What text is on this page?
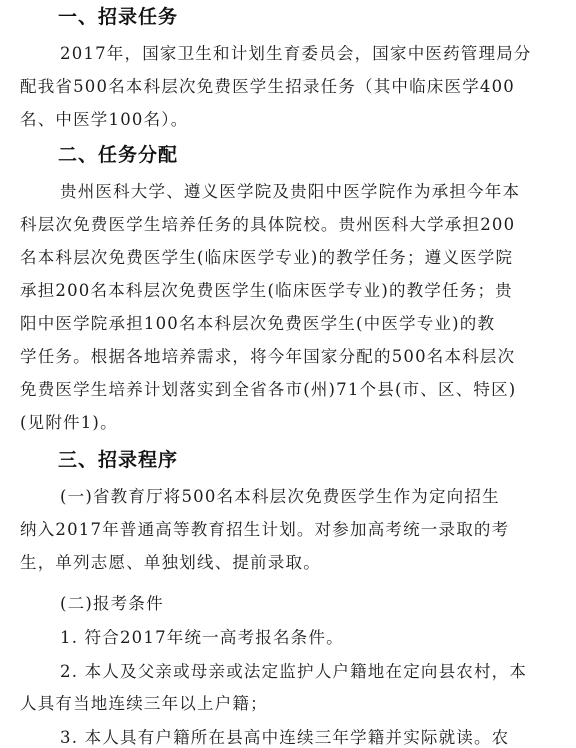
一、招录任务
2017年，国家卫生和计划生育委员会，国家中医药管理局分
配我省500名本科层次免费医学生招录任务（其中临床医学400
名、中医学100名）。
二、任务分配
贵州医科大学、遵义医学院及贵阳中医学院作为承担今年本
科层次免费医学生培养任务的具体院校。贵州医科大学承担200
名本科层次免费医学生(临床医学专业)的教学任务；遵义医学院
承担200名本科层次免费医学生(临床医学专业)的教学任务；贵
阳中医学院承担100名本科层次免费医学生(中医学专业)的教
学任务。根据各地培养需求，将今年国家分配的500名本科层次
免费医学生培养计划落实到全省各市(州)71个县(市、区、特区)
(见附件1)。
三、招录程序
(一)省教育厅将500名本科层次免费医学生作为定向招生
纳入2017年普通高等教育招生计划。对参加高考统一录取的考
生，单列志愿、单独划线、提前录取。
(二)报考条件
1. 符合2017年统一高考报名条件。
2. 本人及父亲或母亲或法定监护人户籍地在定向县农村，本
人具有当地连续三年以上户籍；
3. 本人具有户籍所在县高中连续三年学籍并实际就读。农
